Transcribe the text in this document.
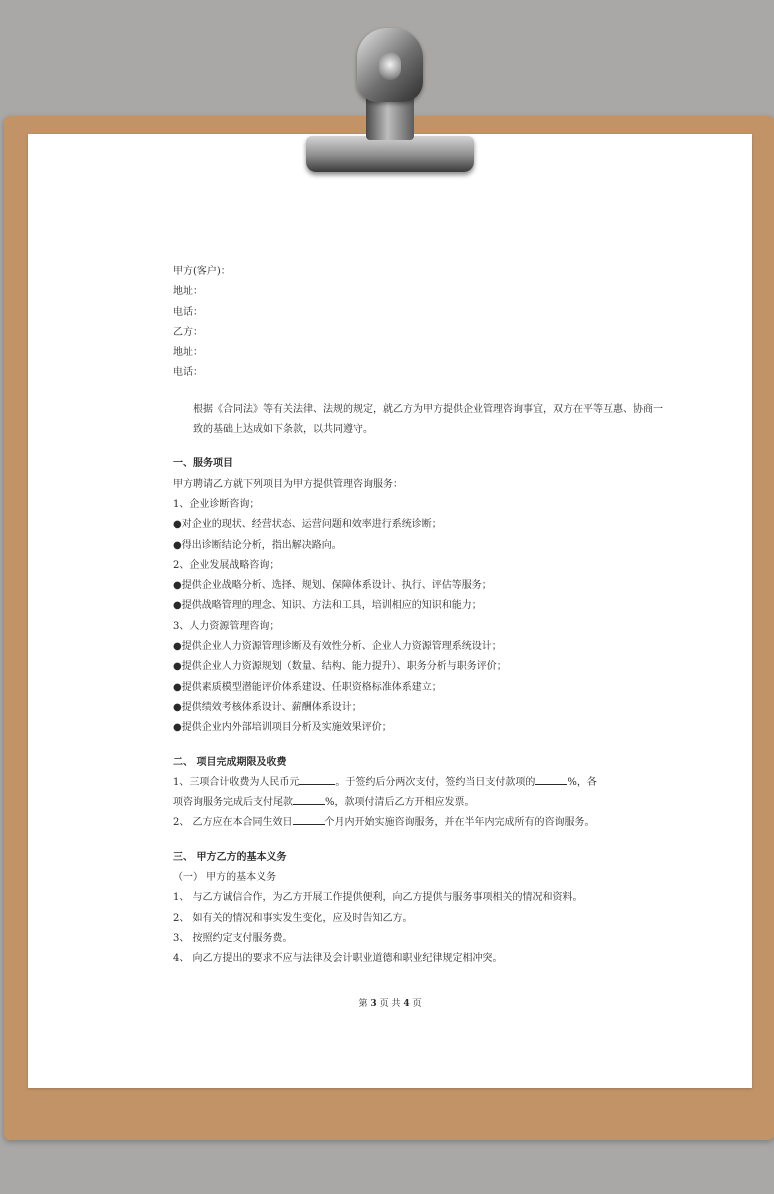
甲方(客户)：

地址：

电话：

乙方：

地址：

电话：

根据《合同法》等有关法律、法规的规定，就乙方为甲方提供企业管理咨询事宜，双方在平等互惠、协商一致的基础上达成如下条款，以共同遵守。

一、服务项目

甲方聘请乙方就下列项目为甲方提供管理咨询服务：

1、企业诊断咨询；

●对企业的现状、经营状态、运营问题和效率进行系统诊断；

●得出诊断结论分析，指出解决路向。

2、企业发展战略咨询；

●提供企业战略分析、选择、规划、保障体系设计、执行、评估等服务；

●提供战略管理的理念、知识、方法和工具，培训相应的知识和能力；

3、人力资源管理咨询；

●提供企业人力资源管理诊断及有效性分析、企业人力资源管理系统设计；

●提供企业人力资源规划（数量、结构、能力提升）、职务分析与职务评价；

●提供素质模型潜能评价体系建设、任职资格标准体系建立；

●提供绩效考核体系设计、薪酬体系设计；

●提供企业内外部培训项目分析及实施效果评价；

二、 项目完成期限及收费

1、三项合计收费为人民币元	。于签约后分两次支付，签约当日支付款项的	%，各

项咨询服务完成后支付尾款	%，款项付清后乙方开相应发票。

2、 乙方应在本合同生效日	个月内开始实施咨询服务，并在半年内完成所有的咨询服务。

三、 甲方乙方的基本义务

（一） 甲方的基本义务

1、 与乙方诚信合作，为乙方开展工作提供便利，向乙方提供与服务事项相关的情况和资料。

2、 如有关的情况和事实发生变化，应及时告知乙方。

3、 按照约定支付服务费。

4、 向乙方提出的要求不应与法律及会计职业道德和职业纪律规定相冲突。

第 3 页 共 4 页
